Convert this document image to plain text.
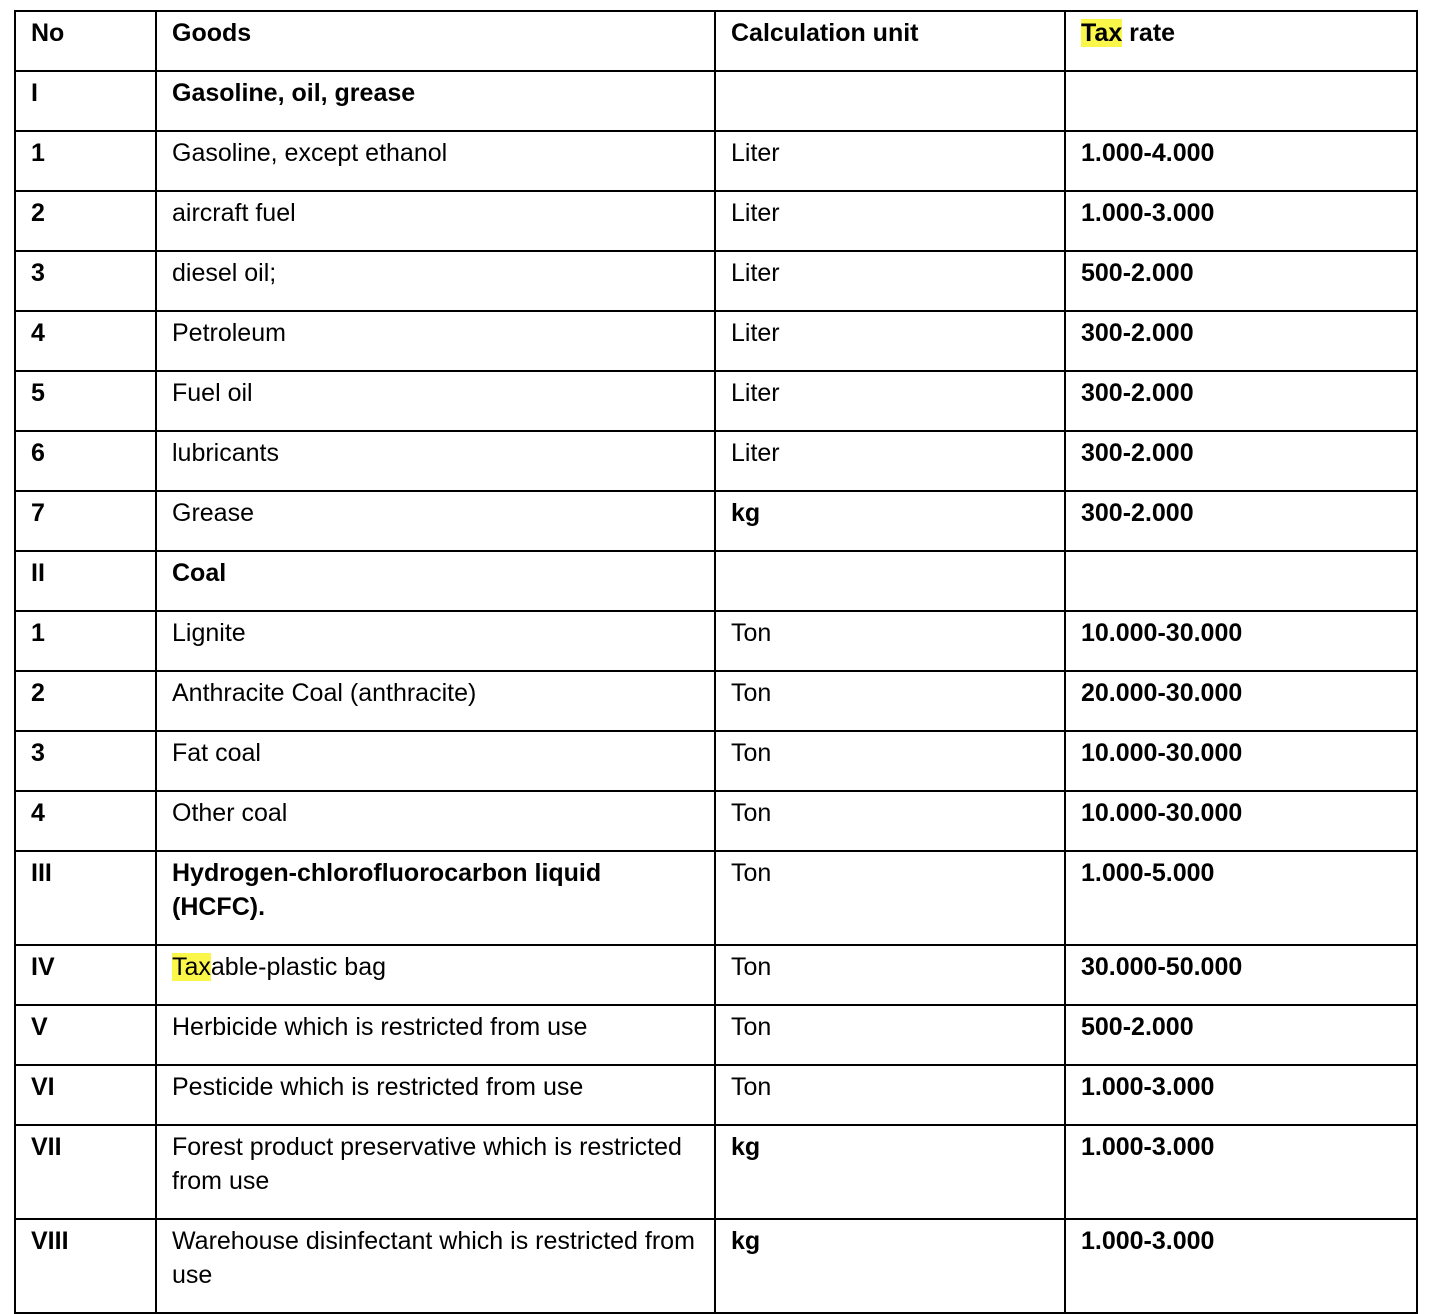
No	Goods	Calculation unit	Tax rate
I	Gasoline, oil, grease		
1	Gasoline, except ethanol	Liter	1.000-4.000
2	aircraft fuel	Liter	1.000-3.000
3	diesel oil;	Liter	500-2.000
4	Petroleum	Liter	300-2.000
5	Fuel oil	Liter	300-2.000
6	lubricants	Liter	300-2.000
7	Grease	kg	300-2.000
II	Coal		
1	Lignite	Ton	10.000-30.000
2	Anthracite Coal (anthracite)	Ton	20.000-30.000
3	Fat coal	Ton	10.000-30.000
4	Other coal	Ton	10.000-30.000
III	Hydrogen-chlorofluorocarbon liquid (HCFC).	Ton	1.000-5.000
IV	Taxable-plastic bag	Ton	30.000-50.000
V	Herbicide which is restricted from use	Ton	500-2.000
VI	Pesticide which is restricted from use	Ton	1.000-3.000
VII	Forest product preservative which is restricted from use	kg	1.000-3.000
VIII	Warehouse disinfectant which is restricted from use	kg	1.000-3.000
